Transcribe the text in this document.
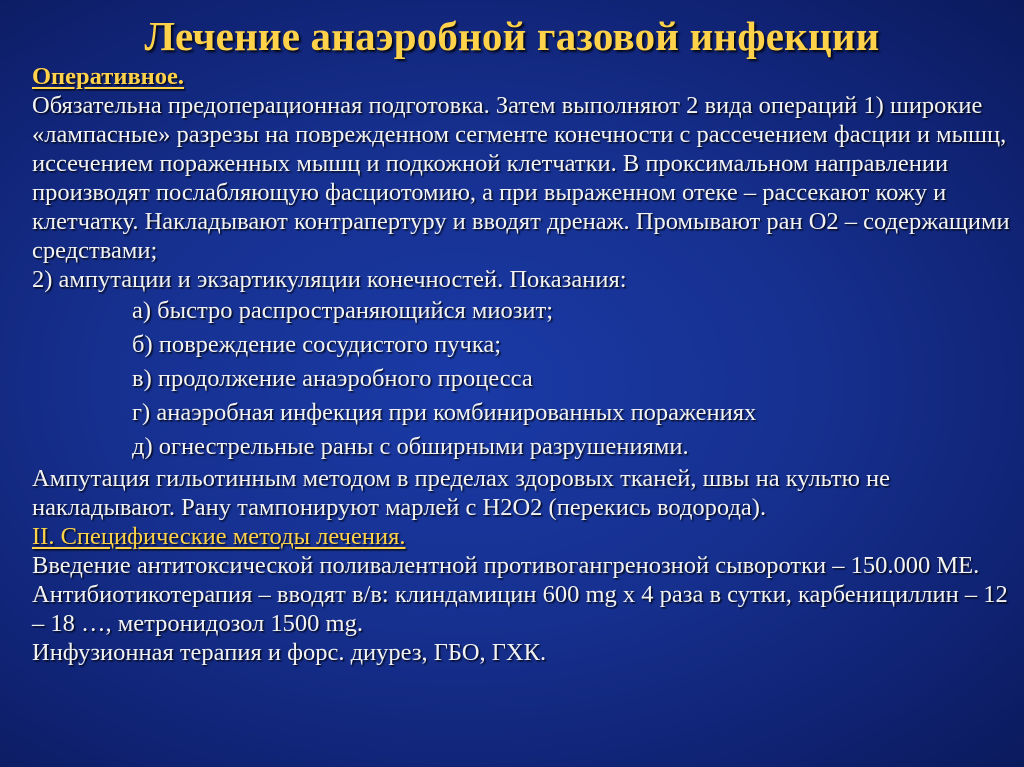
Лечение анаэробной газовой инфекции

Оперативное.

Обязательна предоперационная подготовка. Затем выполняют 2 вида операций 1) широкие «лампасные» разрезы на поврежденном сегменте конечности с рассечением фасции и мышц, иссечением пораженных мышц и подкожной клетчатки. В проксимальном направлении производят послабляющую фасциотомию, а при выраженном отеке – рассекают кожу и клетчатку. Накладывают контрапертуру и вводят дренаж. Промывают ран О2 – содержащими средствами;

2) ампутации и экзартикуляции конечностей. Показания:

а) быстро распространяющийся миозит;

б) повреждение сосудистого пучка;

в) продолжение анаэробного процесса

г) анаэробная инфекция при комбинированных поражениях

д) огнестрельные раны с обширными разрушениями.

Ампутация гильотинным методом в пределах здоровых тканей, швы на культю не накладывают. Рану тампонируют марлей с Н2О2 (перекись водорода).

II. Специфические методы лечения.

Введение антитоксической поливалентной противогангренозной сыворотки – 150.000 МЕ.

Антибиотикотерапия – вводят в/в: клиндамицин 600 mg х 4 раза в сутки, карбенициллин – 12 – 18 …, метронидозол 1500 mg.

Инфузионная терапия и форс. диурез, ГБО, ГХК.
